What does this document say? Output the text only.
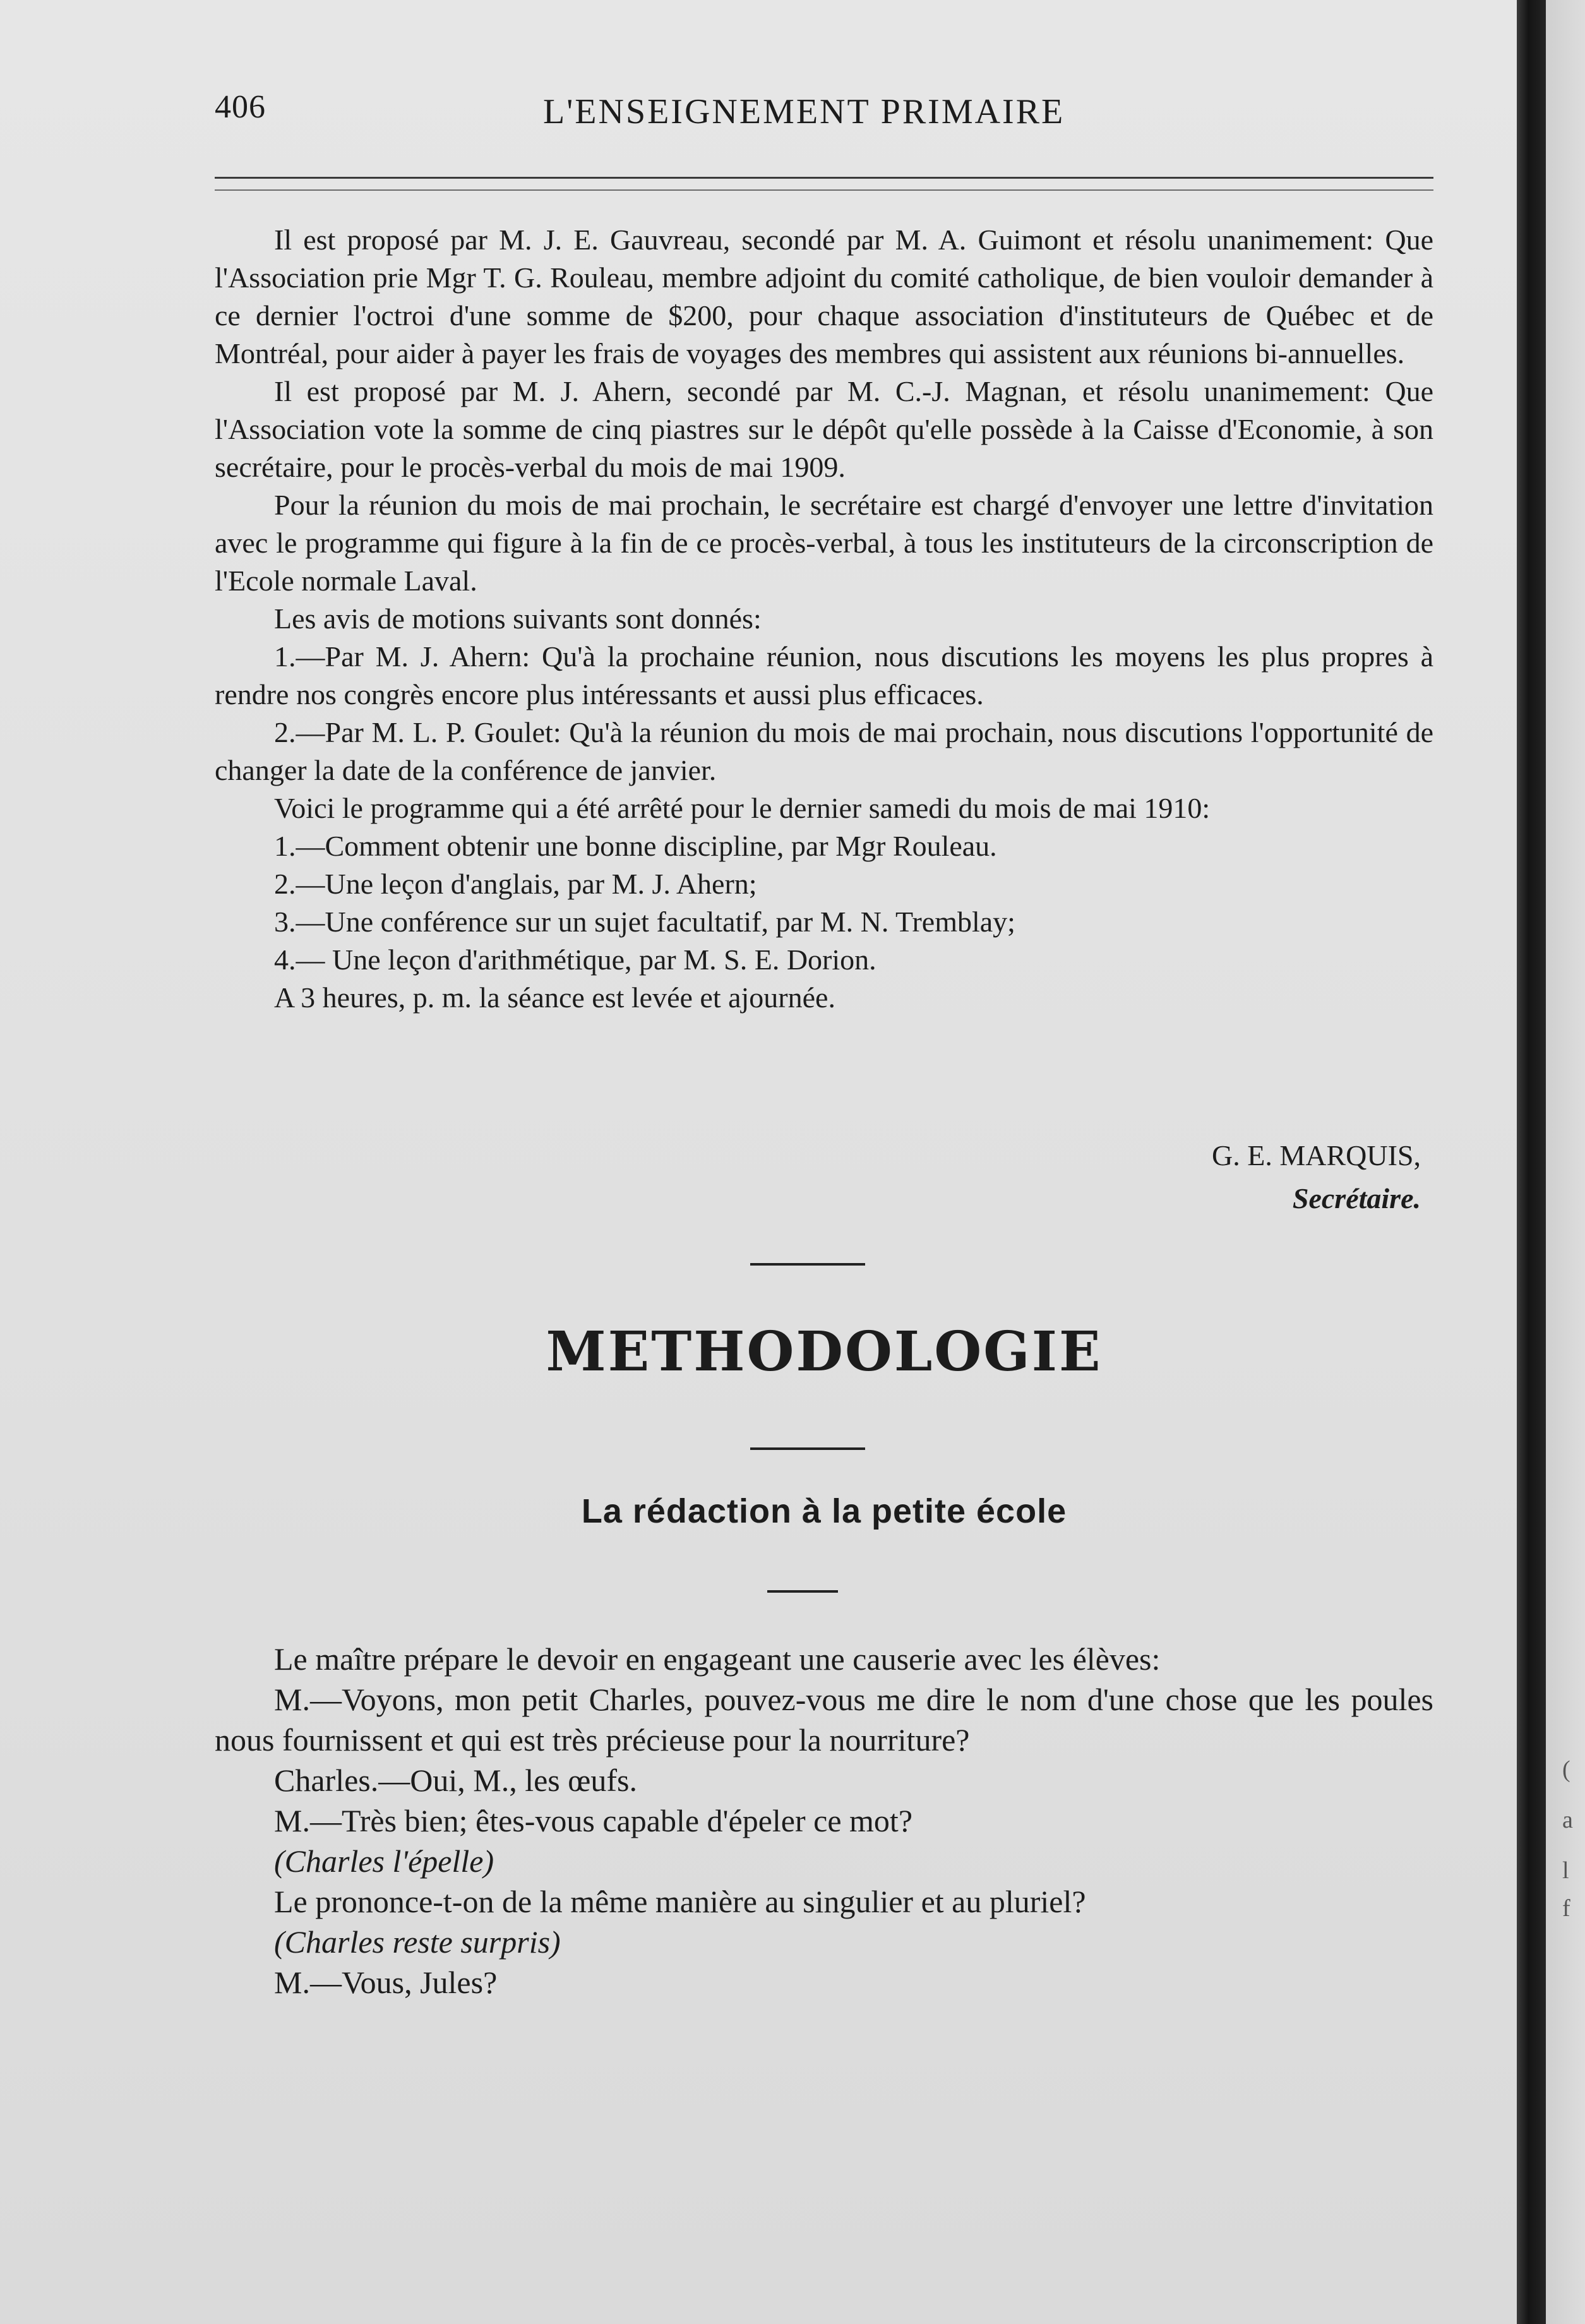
(
a
l
f
406	L'ENSEIGNEMENT PRIMAIRE

Il est proposé par M. J. E. Gauvreau, secondé par M. A. Guimont et résolu unanimement: Que l'Association prie Mgr T. G. Rouleau, membre adjoint du comité catholique, de bien vouloir demander à ce dernier l'octroi d'une somme de $200, pour chaque association d'instituteurs de Québec et de Montréal, pour aider à payer les frais de voyages des membres qui assistent aux réunions bi-annuelles.

Il est proposé par M. J. Ahern, secondé par M. C.-J. Magnan, et résolu unanimement: Que l'Association vote la somme de cinq piastres sur le dépôt qu'elle possède à la Caisse d'Economie, à son secrétaire, pour le procès-verbal du mois de mai 1909.

Pour la réunion du mois de mai prochain, le secrétaire est chargé d'envoyer une lettre d'invitation avec le programme qui figure à la fin de ce procès-verbal, à tous les instituteurs de la circonscription de l'Ecole normale Laval.

Les avis de motions suivants sont donnés:

1.—Par M. J. Ahern: Qu'à la prochaine réunion, nous discutions les moyens les plus propres à rendre nos congrès encore plus intéressants et aussi plus efficaces.

2.—Par M. L. P. Goulet: Qu'à la réunion du mois de mai prochain, nous discutions l'opportunité de changer la date de la conférence de janvier.

Voici le programme qui a été arrêté pour le dernier samedi du mois de mai 1910:

1.—Comment obtenir une bonne discipline, par Mgr Rouleau.

2.—Une leçon d'anglais, par M. J. Ahern;

3.—Une conférence sur un sujet facultatif, par M. N. Tremblay;

4.— Une leçon d'arithmétique, par M. S. E. Dorion.

A 3 heures, p. m. la séance est levée et ajournée.

G. E. MARQUIS,
Secrétaire.
METHODOLOGIE
La rédaction à la petite école

Le maître prépare le devoir en engageant une causerie avec les élèves:

M.—Voyons, mon petit Charles, pouvez-vous me dire le nom d'une chose que les poules nous fournissent et qui est très précieuse pour la nourriture?

Charles.—Oui, M., les œufs.

M.—Très bien; êtes-vous capable d'épeler ce mot?

(Charles l'épelle)

Le prononce-t-on de la même manière au singulier et au pluriel?

(Charles reste surpris)

M.—Vous, Jules?
